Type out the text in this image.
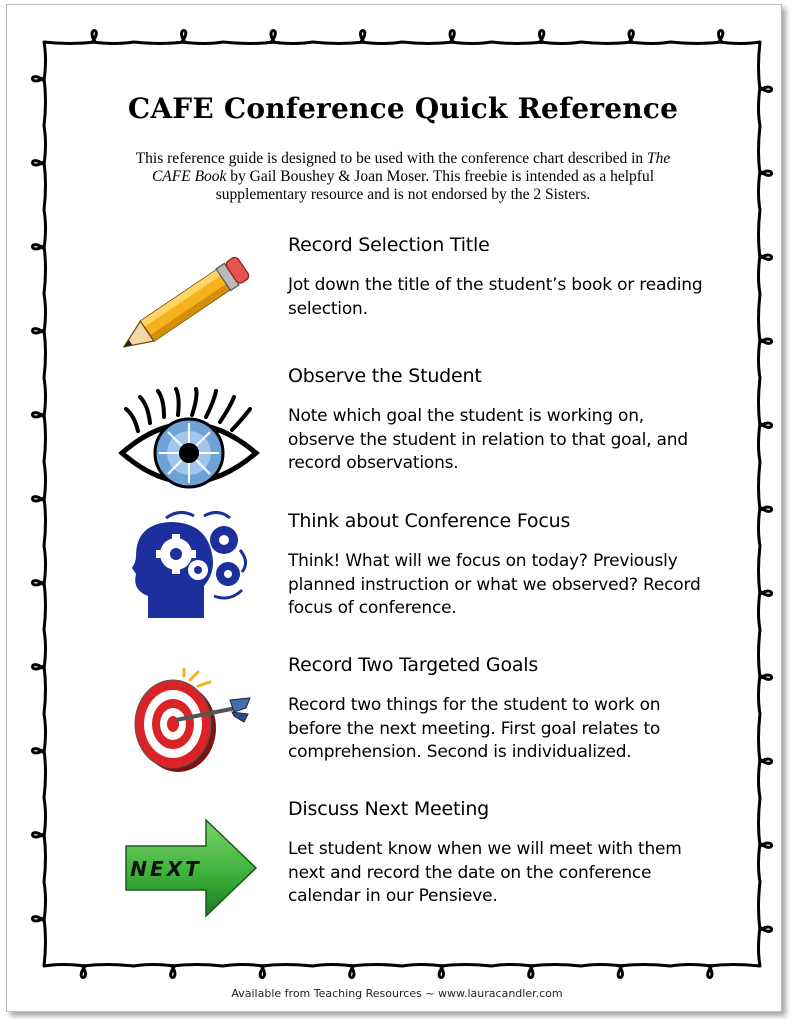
CAFE Conference Quick Reference
This reference guide is designed to be used with the conference chart described in The CAFE Book by Gail Boushey & Joan Moser. This freebie is intended as a helpful supplementary resource and is not endorsed by the 2 Sisters.
Record Selection Title

Jot down the title of the student’s book or reading selection.

Observe the Student

Note which goal the student is working on, observe the student in relation to that goal, and record observations.

Think about Conference Focus

Think! What will we focus on today? Previously planned instruction or what we observed? Record focus of conference.

Record Two Targeted Goals

Record two things for the student to work on before the next meeting. First goal relates to comprehension. Second is individualized.

NEXT
Discuss Next Meeting

Let student know when we will meet with them next and record the date on the conference calendar in our Pensieve.

Available from Teaching Resources ~ www.lauracandler.com
